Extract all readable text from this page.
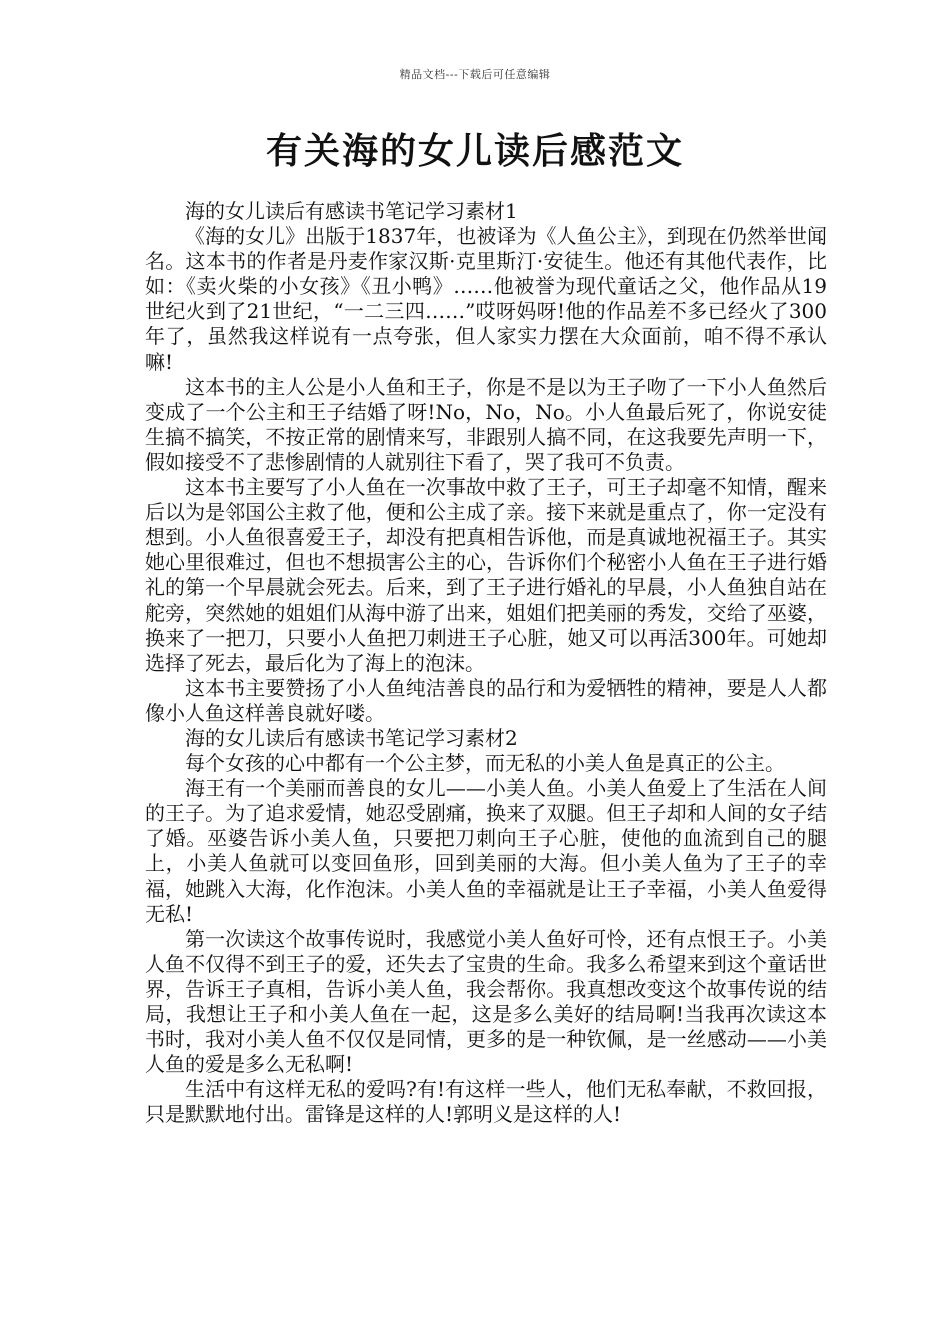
精品文档---下载后可任意编辑
有关海的女儿读后感范文

海的女儿读后有感读书笔记学习素材1

《海的女儿》出版于1837年，也被译为《人鱼公主》，到现在仍然举世闻名。这本书的作者是丹麦作家汉斯·克里斯汀·安徒生。他还有其他代表作，比如：《卖火柴的小女孩》《丑小鸭》……他被誉为现代童话之父，他作品从19世纪火到了21世纪，“一二三四……”哎呀妈呀!他的作品差不多已经火了300年了，虽然我这样说有一点夸张，但人家实力摆在大众面前，咱不得不承认嘛!

这本书的主人公是小人鱼和王子，你是不是以为王子吻了一下小人鱼然后变成了一个公主和王子结婚了呀!No，No，No。小人鱼最后死了，你说安徒生搞不搞笑，不按正常的剧情来写，非跟别人搞不同，在这我要先声明一下，假如接受不了悲惨剧情的人就别往下看了，哭了我可不负责。

这本书主要写了小人鱼在一次事故中救了王子，可王子却毫不知情，醒来后以为是邻国公主救了他，便和公主成了亲。接下来就是重点了，你一定没有想到。小人鱼很喜爱王子，却没有把真相告诉他，而是真诚地祝福王子。其实她心里很难过，但也不想损害公主的心，告诉你们个秘密小人鱼在王子进行婚礼的第一个早晨就会死去。后来，到了王子进行婚礼的早晨，小人鱼独自站在舵旁，突然她的姐姐们从海中游了出来，姐姐们把美丽的秀发，交给了巫婆，换来了一把刀，只要小人鱼把刀刺进王子心脏，她又可以再活300年。可她却选择了死去，最后化为了海上的泡沫。

这本书主要赞扬了小人鱼纯洁善良的品行和为爱牺牲的精神，要是人人都像小人鱼这样善良就好喽。

海的女儿读后有感读书笔记学习素材2

每个女孩的心中都有一个公主梦，而无私的小美人鱼是真正的公主。

海王有一个美丽而善良的女儿——小美人鱼。小美人鱼爱上了生活在人间的王子。为了追求爱情，她忍受剧痛，换来了双腿。但王子却和人间的女子结了婚。巫婆告诉小美人鱼，只要把刀刺向王子心脏，使他的血流到自己的腿上，小美人鱼就可以变回鱼形，回到美丽的大海。但小美人鱼为了王子的幸福，她跳入大海，化作泡沫。小美人鱼的幸福就是让王子幸福，小美人鱼爱得无私!

第一次读这个故事传说时，我感觉小美人鱼好可怜，还有点恨王子。小美人鱼不仅得不到王子的爱，还失去了宝贵的生命。我多么希望来到这个童话世界，告诉王子真相，告诉小美人鱼，我会帮你。我真想改变这个故事传说的结局，我想让王子和小美人鱼在一起，这是多么美好的结局啊!当我再次读这本书时，我对小美人鱼不仅仅是同情，更多的是一种钦佩，是一丝感动——小美人鱼的爱是多么无私啊!

生活中有这样无私的爱吗?有!有这样一些人，他们无私奉献，不救回报，只是默默地付出。雷锋是这样的人!郭明义是这样的人!
